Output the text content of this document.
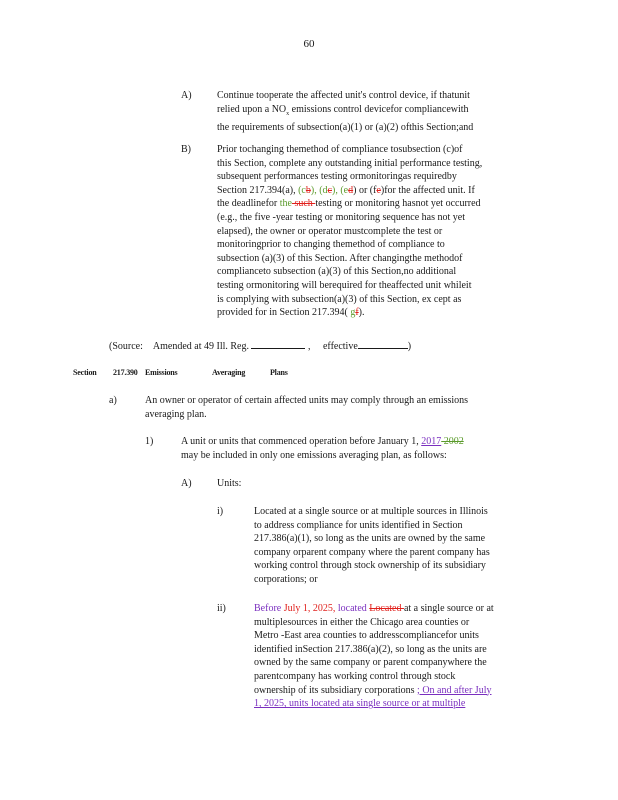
60
A)	Continue tooperate the affected unit's control device, if thatunit
relied upon a $NO_x$ emissions control devicefor compliancewith
the requirements of subsection(a)(1) or (a)(2) ofthis Section;and
B)	Prior tochanging themethod of compliance tosubsection (c)of
this Section, complete any outstanding initial performance testing,
subsequent performances testing ormonitoringas requiredby
Section 217.394(a), (cb), (dc), (ed) or (fe)for the affected unit. If
the deadlinefor the such testing or monitoring hasnot yet occurred
(e.g., the five -year testing or monitoring sequence has not yet
elapsed), the owner or operator mustcomplete the test or
monitoringprior to changing themethod of compliance to
subsection (a)(3) of this Section. After changingthe methodof
complianceto subsection (a)(3) of this Section,no additional
testing ormonitoring will berequired for theaffected unit whileit
is complying with subsection(a)(3) of this Section, ex cept as
provided for in Section 217.394( gf).
(Source: Amended at 49 Ill. Reg.	, effective	)
Section 217.390 Emissions	Averaging	Plans
a)	An owner or operator of certain affected units may comply through an emissions
averaging plan.
1)	A unit or units that commenced operation before January 1, 2017 2002
may be included in only one emissions averaging plan, as follows:
A)	Units:
i)	Located at a single source or at multiple sources in Illinois
to address compliance for units identified in Section
217.386(a)(1), so long as the units are owned by the same
company orparent company where the parent company has
working control through stock ownership of its subsidiary
corporations; or
ii)	Before July 1, 2025, located Located at a single source or at
multiplesources in either the Chicago area counties or
Metro -East area counties to addresscompliancefor units
identified inSection 217.386(a)(2), so long as the units are
owned by the same company or parent companywhere the
parentcompany has working control through stock
ownership of its subsidiary corporations ; On and after July
1, 2025, units located ata single source or at multiple
